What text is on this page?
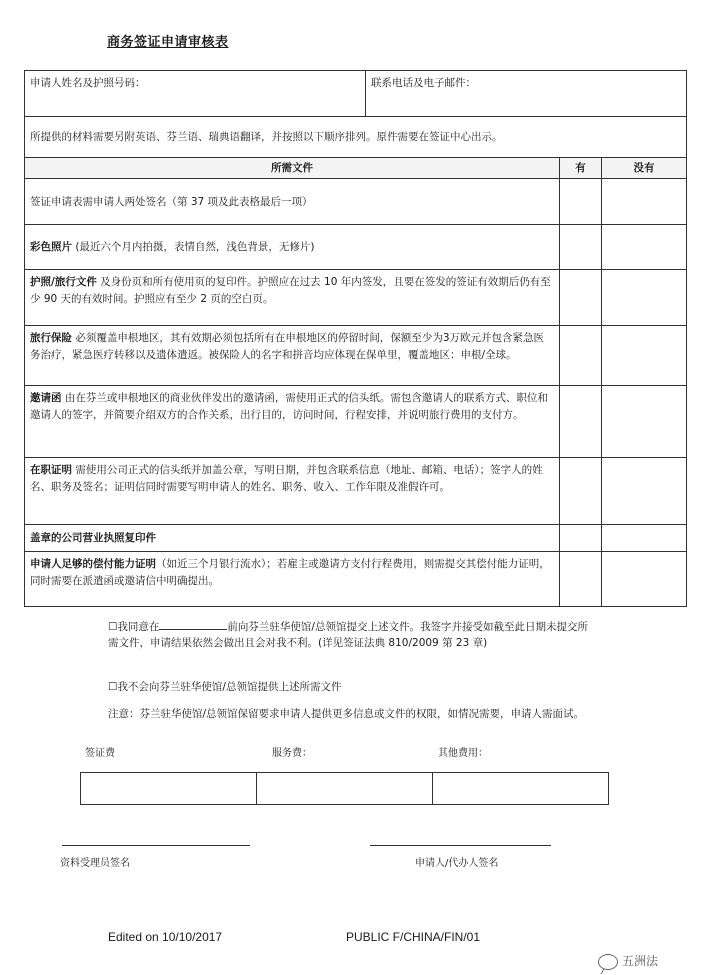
商务签证申请审核表
申请人姓名及护照号码：	联系电话及电子邮件：		
所提供的材料需要另附英语、芬兰语、瑞典语翻译，并按照以下顺序排列。原件需要在签证中心出示。			
所需文件		有	没有
签证申请表需申请人两处签名（第 37 项及此表格最后一项）			
彩色照片 (最近六个月内拍摄，表情自然，浅色背景，无修片)			
护照/旅行文件 及身份页和所有使用页的复印件。护照应在过去 10 年内签发，且要在签发的签证有效期后仍有至少 90 天的有效时间。护照应有至少 2 页的空白页。			
旅行保险 必须覆盖申根地区，其有效期必须包括所有在申根地区的停留时间，保额至少为3万欧元并包含紧急医务治疗，紧急医疗转移以及遗体遣返。被保险人的名字和拼音均应体现在保单里，覆盖地区：申根/全球。			
邀请函 由在芬兰或申根地区的商业伙伴发出的邀请函，需使用正式的信头纸。需包含邀请人的联系方式、职位和邀请人的签字，并简要介绍双方的合作关系，出行目的，访问时间，行程安排，并说明旅行费用的支付方。			
在职证明 需使用公司正式的信头纸并加盖公章，写明日期，并包含联系信息（地址、邮箱、电话）；签字人的姓名、职务及签名；证明信同时需要写明申请人的姓名、职务、收入、工作年限及准假许可。			
盖章的公司营业执照复印件			
申请人足够的偿付能力证明（如近三个月银行流水）；若雇主或邀请方支付行程费用，则需提交其偿付能力证明，同时需要在派遣函或邀请信中明确提出。			
☐我同意在	前向芬兰驻华使馆/总领馆提交上述文件。我签字并接受如截至此日期未提交所需文件，申请结果依然会做出且会对我不利。(详见签证法典 810/2009 第 23 章)
☐我不会向芬兰驻华使馆/总领馆提供上述所需文件
注意：芬兰驻华使馆/总领馆保留要求申请人提供更多信息或文件的权限，如情况需要，申请人需面试。
签证费	服务费：	其他费用：
资料受理员签名	申请人/代办人签名
Edited on 10/10/2017	PUBLIC F/CHINA/FIN/01
五洲法
